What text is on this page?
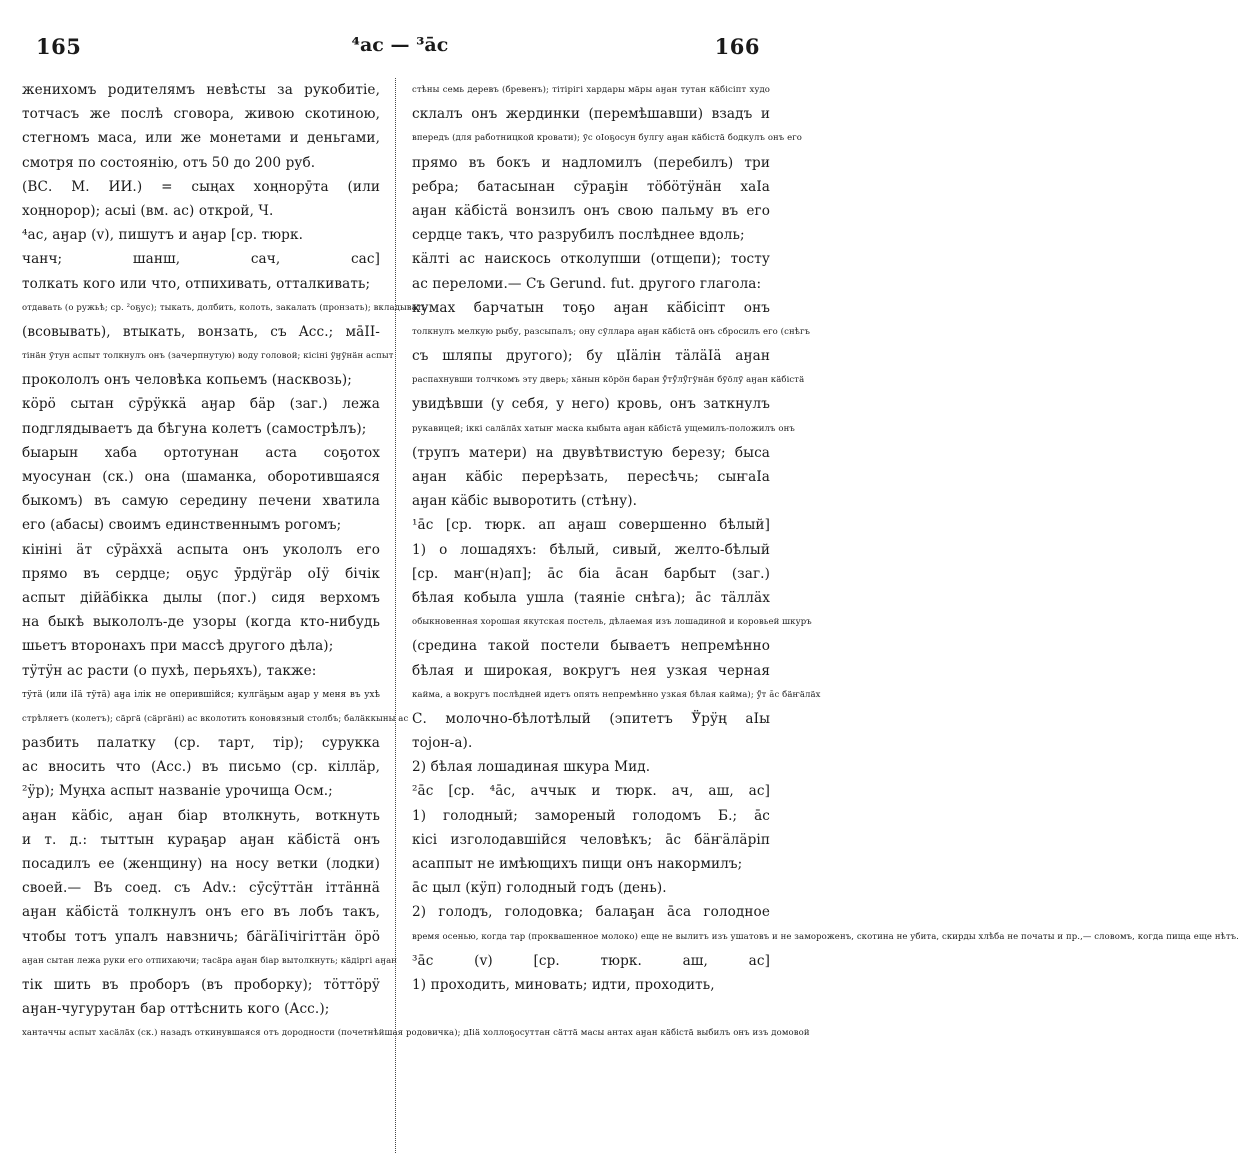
165	⁴ас — ³а̄с	166
жениxомъ родителямъ невѣсты за рукобитiе,
тотчасъ же послѣ сговора, живою скотиною,
стегномъ маса, или же монетами и деньгами,
смотря по состоянiю, отъ 50 до 200 руб.
(ВС. М. ИИ.) = сыңах хоңнорӯта (или
хоңнорор); асыі (вм. ас) открой, Ч.
⁴ас, аӈар (v), пишутъ и аӈар [ср. тюрк.
чанч; шанш, сач, сас]
толкать кого или что, отпихивать, отталкивать;
отдавать (о ружьѣ; ср. ²оҕус); тыкать, долбить, колоть, закалать (пронзать); вкладывать
(всовывать), втыкать, вонзать, съ Acc.; ма̄ӀІ-
тінӓн ӯтун аспыт толкнулъ онъ (зачерпнутую) воду головой; кісіні ӱӈӱнӓн аспыт
прокололъ онъ человѣка копьемъ (насквозь);
кӧрӧ сытан сӯрӱккӓ аӈар бӓр (заг.) лежа
подглядываетъ да бѣгуна колетъ (самострѣлъ);
быарын хаба ортотунан аста соҕотох
муосунан (ск.) она (шаманка, оборотившаяся
быкомъ) въ самую середину печени хватила
его (абасы) своимъ единственнымъ рогомъ;
кініні ӓт сӯрӓххӓ аспыта онъ укололъ его
прямо въ сердце; оҕус ӱ̄рдӱгӓр оӀӱ бічік
аспыт дійӓбікка дылы (пог.) сидя верхомъ
на быкѣ выкололъ-де узоры (когда кто-нибудь
шьетъ второнахъ при массѣ другого дѣла);
тӱтӱн ас расти (о пухѣ, перьяхъ), также:
тӱтӓ (или іӀӓ тӱтӓ) аӈа ілік не оперившiйся; кулгӓҕым аӈар у меня въ ухѣ
стрѣляетъ (колетъ); сӓргӓ (сӓргӓні) ас вколотить коновязный столбъ; балӓккыны ас
разбить палатку (ср. тарт, тір); сурукка
ас вносить что (Acc.) въ письмо (ср. кіллӓр,
²ӱр); Муңха аспыт названiе урочища Осм.;
аӈан кӓбіс, аӈан біар втолкнуть, воткнуть
и т. д.: тыттын кураҕар аӈан кӓбістӓ онъ
посадилъ ее (женщину) на носу ветки (лодки)
своей.— Въ соед. съ Adv.: сӯсӱттӓн іттӓннӓ
аӈан кӓбістӓ толкнулъ онъ его въ лобъ такъ,
чтобы тотъ упалъ навзничь; бӓгӓӀічігіттӓн ӧрӧ
аӈан сытан лежа руки его отпихаючи; тасӓра аӈан біар вытолкнуть; кӓдіргі аӈан
тік шить въ проборъ (въ проборку); тӧттӧрӱ
аӈан-чугурутан бар оттѣснить кого (Acc.);
хантаччы аспыт хасӓлӓх (ск.) назадъ откинувшаяся отъ дородности (почетнѣйшая родовичка); дӀіӓ холлоҕосуттан сӓттӓ масы антах аӈан кӓбістӓ выбилъ онъ изъ домовой
стѣны семь деревъ (бревенъ); тітірігі хардары мӓры аӈан тутан кӓбісіпт худо
склалъ онъ жердинки (перемѣшавши) взадъ и
впередъ (для работницкой кровати); ӯс оӀоҕосун булгу аӈан кӓбістӓ бодкулъ онъ его
прямо въ бокъ и надломилъ (перебилъ) три
ребра; батасынан сӯраҕін тӧбӧтӱнӓн хаӀа
аӈан кӓбістӓ вонзилъ онъ свою пальму въ его
сердце такъ, что разрубилъ послѣднее вдоль;
кӓлті ас наискось отколупши (отщепи); тосту
ас переломи.— Съ Gerund. fut. другого глагола:
кумах барчатын тоҕо аӈан кӓбісіпт онъ
толкнулъ мелкую рыбу, разсыпалъ; ону сӯллара аӈан кӓбістӓ онъ сбросилъ его (снѣгъ
съ шляпы другого); бу цӀӓлін тӓлӓӀӓ аӈан
распахнувши толчкомъ эту дверь; хӓнын кӧрӧн баран ӱ̄тӱ̄лӱ̄гӱнӓн бӱӧлӱ аӈан кӓбістӓ
увидѣвши (у себя, у него) кровь, онъ заткнулъ
рукавицей; іккі салӓлӓх хатыҥ маска кыбыта аӈан кӓбістӓ ущемилъ-положилъ онъ
(трупъ матери) на двувѣтвистую березу; быса
аӈан кӓбіс перерѣзать, пересѣчь; сыҥаӀа
аӈан кӓбіс выворотить (стѣну).
¹а̄с [ср. тюрк. ап аӈаш совершенно бѣлый]
1) о лошадяхъ: бѣлый, сивый, желто-бѣлый
[ср. маҥ(н)ап]; а̄с біа а̄сан барбыт (заг.)
бѣлая кобыла ушла (таянiе снѣга); а̄с тӓллӓх
обыкновенная хорошая якутская постель, дѣлаемая изъ лошадиной и коровьей шкуръ
(средина такой постели бываетъ непремѣнно
бѣлая и широкая, вокругъ нея узкая черная
кайма, а вокругъ послѣдней идетъ опять непремѣнно узкая бѣлая кайма); ӱ̄т а̄с бӓҥӓлӓх
С. молочно-бѣлотѣлый (эпитетъ Ӱ̄рӱң аӀы
тоjон-а).
2) бѣлая лошадиная шкура Мид.
²а̄с [ср. ⁴а̄с, аччык и тюрк. ач, аш, ас]
1) голодный; замореный голодомъ Б.; а̄с
кісі изголодавшiйся человѣкъ; а̄с бӓҥӓлӓріп
асаппыт не имѣющихъ пищи онъ накормилъ;
а̄с цыл (кӱп) голодный годъ (день).
2) голодъ, голодовка; балаҕан а̄са голодное
время осенью, когда тар (проквашенное молоко) еще не вылитъ изъ ушатовъ и не замороженъ, скотина не убита, скирды хлѣба не початы и пр.,— словомъ, когда пища еще нѣтъ.
³а̄с (v) [ср. тюрк. аш, ас]
1) проходить, миновать; идти, проходить,
